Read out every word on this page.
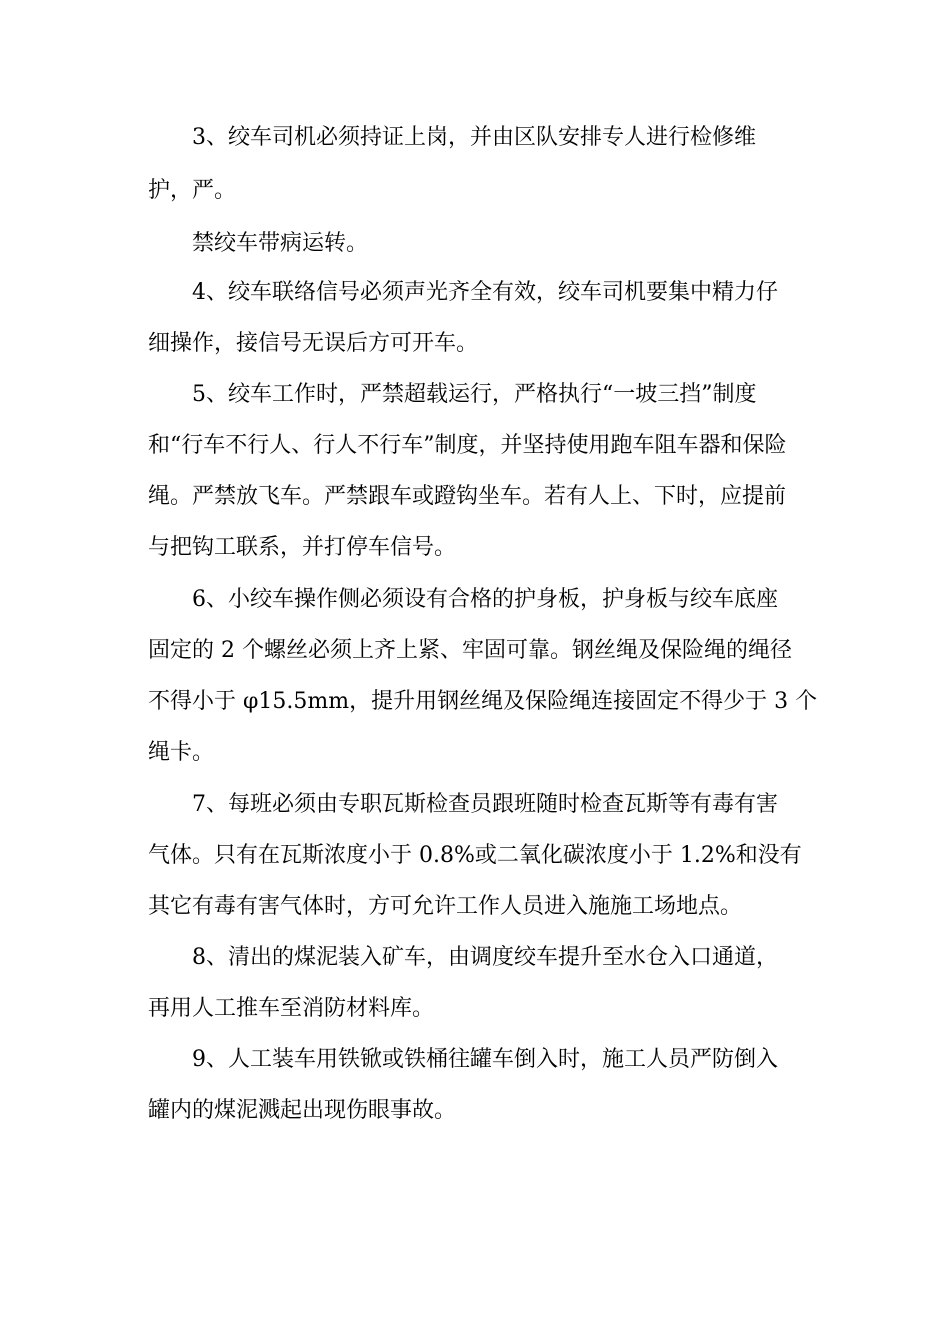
3、绞车司机必须持证上岗，并由区队安排专人进行检修维

护，严。

禁绞车带病运转。

4、绞车联络信号必须声光齐全有效，绞车司机要集中精力仔

细操作，接信号无误后方可开车。

5、绞车工作时，严禁超载运行，严格执行“一坡三挡”制度

和“行车不行人、行人不行车”制度，并坚持使用跑车阻车器和保险

绳。严禁放飞车。严禁跟车或蹬钩坐车。若有人上、下时，应提前

与把钩工联系，并打停车信号。

6、小绞车操作侧必须设有合格的护身板，护身板与绞车底座

固定的 2 个螺丝必须上齐上紧、牢固可靠。钢丝绳及保险绳的绳径

不得小于 φ15.5mm，提升用钢丝绳及保险绳连接固定不得少于 3 个

绳卡。

7、每班必须由专职瓦斯检查员跟班随时检查瓦斯等有毒有害

气体。只有在瓦斯浓度小于 0.8%或二氧化碳浓度小于 1.2%和没有

其它有毒有害气体时，方可允许工作人员进入施施工场地点。

8、清出的煤泥装入矿车，由调度绞车提升至水仓入口通道，

再用人工推车至消防材料库。

9、人工装车用铁锨或铁桶往罐车倒入时，施工人员严防倒入

罐内的煤泥溅起出现伤眼事故。
